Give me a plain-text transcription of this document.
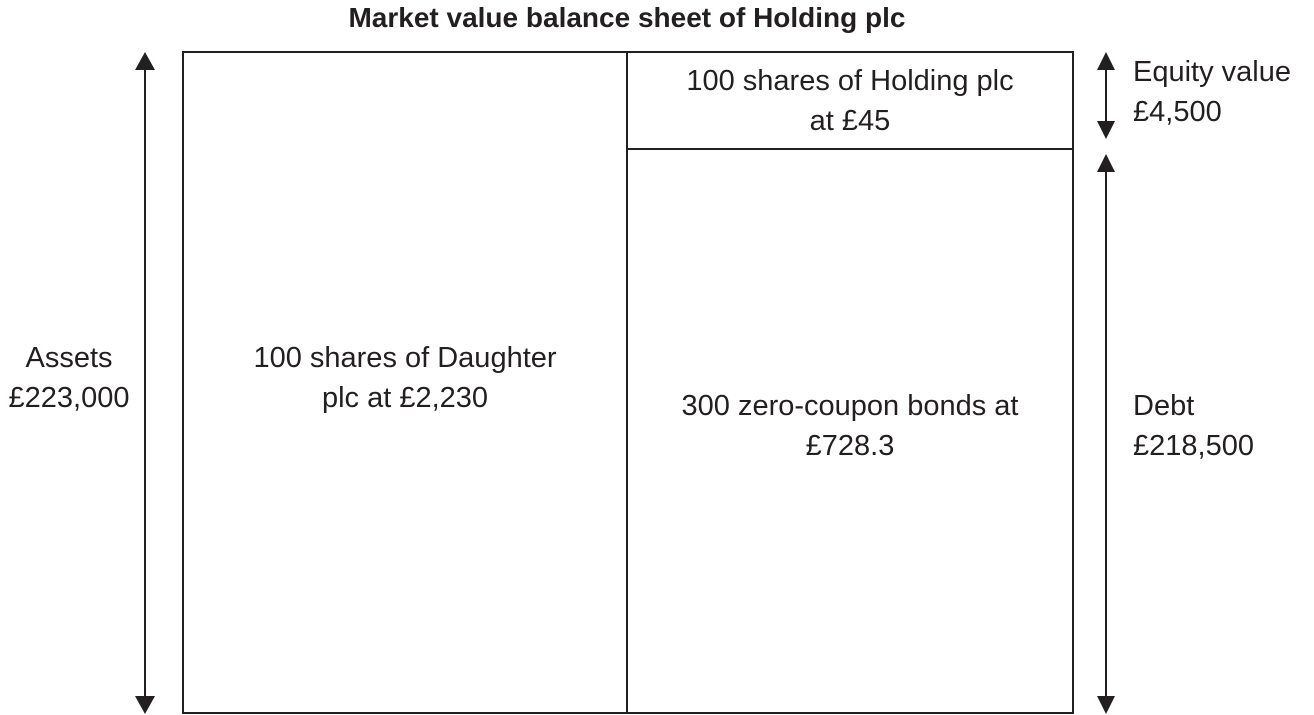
Market value balance sheet of Holding plc
100 shares of Daughter
plc at £2,230
100 shares of Holding plc
at £45
300 zero-coupon bonds at
£728.3
Assets
£223,000
Equity value
£4,500
Debt
£218,500
